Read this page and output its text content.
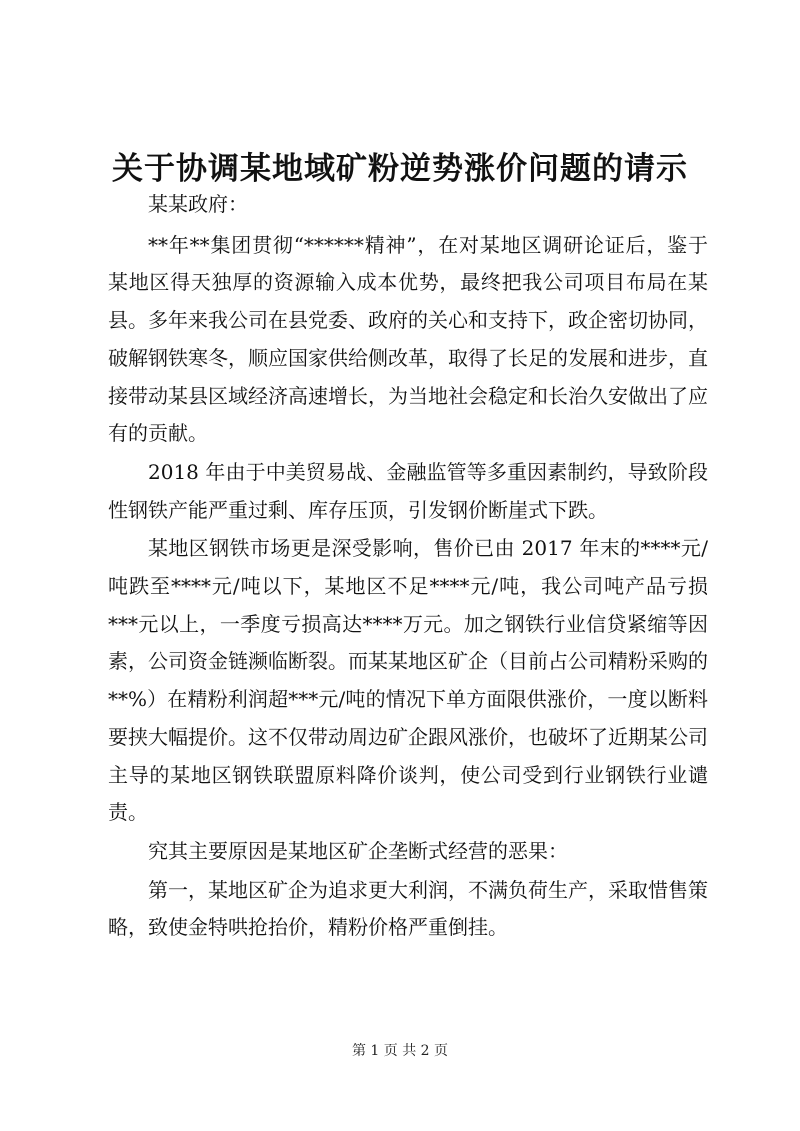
关于协调某地域矿粉逆势涨价问题的请示

某某政府：

**年**集团贯彻“******精神”，在对某地区调研论证后，鉴于某地区得天独厚的资源输入成本优势，最终把我公司项目布局在某县。多年来我公司在县党委、政府的关心和支持下，政企密切协同，破解钢铁寒冬，顺应国家供给侧改革，取得了长足的发展和进步，直接带动某县区域经济高速增长，为当地社会稳定和长治久安做出了应有的贡献。

2018 年由于中美贸易战、金融监管等多重因素制约，导致阶段性钢铁产能严重过剩、库存压顶，引发钢价断崖式下跌。

某地区钢铁市场更是深受影响，售价已由 2017 年末的****元/吨跌至****元/吨以下，某地区不足****元/吨，我公司吨产品亏损***元以上，一季度亏损高达****万元。加之钢铁行业信贷紧缩等因素，公司资金链濒临断裂。而某某地区矿企（目前占公司精粉采购的**%）在精粉利润超***元/吨的情况下单方面限供涨价，一度以断料要挟大幅提价。这不仅带动周边矿企跟风涨价，也破坏了近期某公司主导的某地区钢铁联盟原料降价谈判，使公司受到行业钢铁行业谴责。

究其主要原因是某地区矿企垄断式经营的恶果：

第一，某地区矿企为追求更大利润，不满负荷生产，采取惜售策略，致使金特哄抢抬价，精粉价格严重倒挂。

第 1 页 共 2 页
